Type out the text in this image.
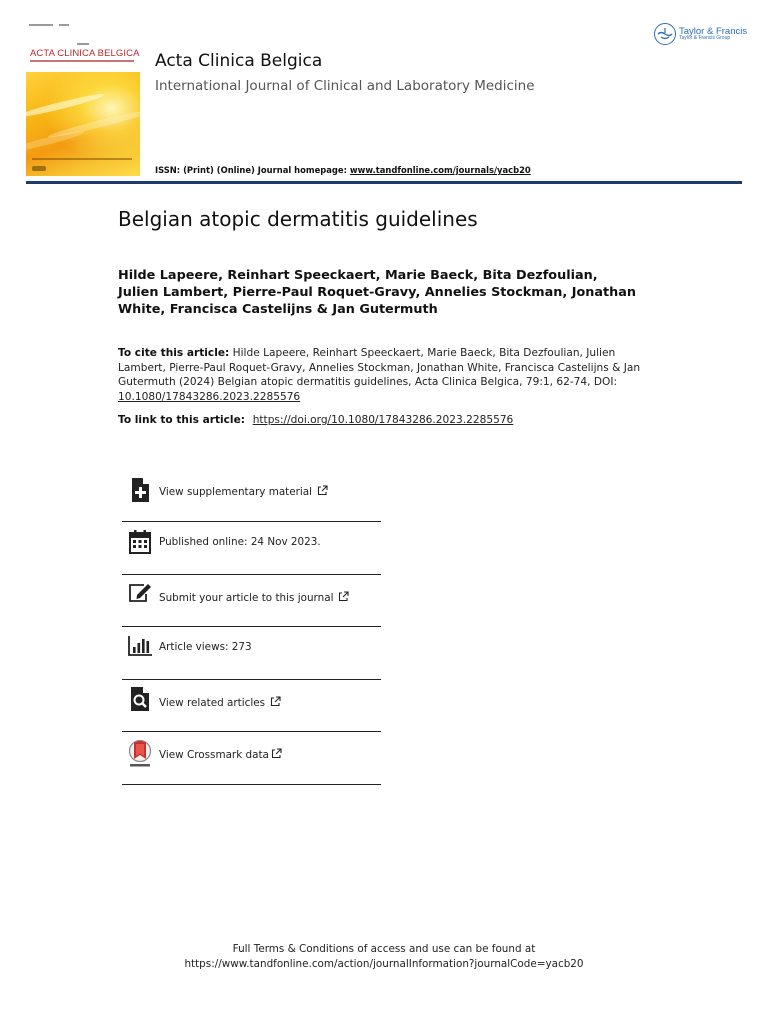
ACTA CLINICA BELGICA Acta Clinica Belgica
International Journal of Clinical and Laboratory Medicine
ISSN: (Print) (Online) Journal homepage: www.tandfonline.com/journals/yacb20
Taylor & Francis
Taylor & Francis Group
Belgian atopic dermatitis guidelines
Hilde Lapeere, Reinhart Speeckaert, Marie Baeck, Bita Dezfoulian, Julien Lambert, Pierre-Paul Roquet-Gravy, Annelies Stockman, Jonathan White, Francisca Castelijns & Jan Gutermuth
To cite this article: Hilde Lapeere, Reinhart Speeckaert, Marie Baeck, Bita Dezfoulian, Julien Lambert, Pierre-Paul Roquet-Gravy, Annelies Stockman, Jonathan White, Francisca Castelijns & Jan Gutermuth (2024) Belgian atopic dermatitis guidelines, Acta Clinica Belgica, 79:1, 62-74, DOI: 10.1080/17843286.2023.2285576
To link to this article: https://doi.org/10.1080/17843286.2023.2285576
View supplementary material
Published online: 24 Nov 2023.
Submit your article to this journal
Article views: 273
View related articles
View Crossmark data
Full Terms & Conditions of access and use can be found at
https://www.tandfonline.com/action/journalInformation?journalCode=yacb20
